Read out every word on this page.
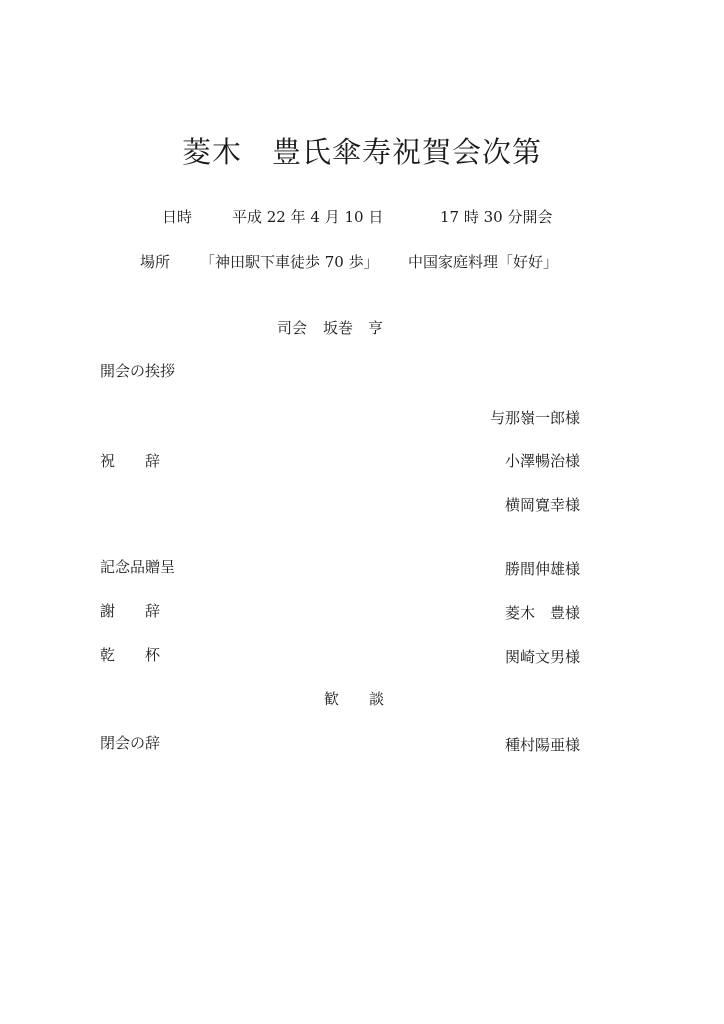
菱木　豊氏傘寿祝賀会次第
日時	平成 22 年 4 月 10 日	17 時 30 分開会
場所 「神田駅下車徒歩 70 歩」 中国家庭料理「好好」
司会 坂巻　亨
開会の挨拶
与那嶺一郎様
祝　　辞	小澤暢治様
横岡寛幸様
記念品贈呈	勝間伸雄様
謝　　辞	菱木　豊様
乾　　杯	関崎文男様
歓　　談
閉会の辞	種村陽亜様
